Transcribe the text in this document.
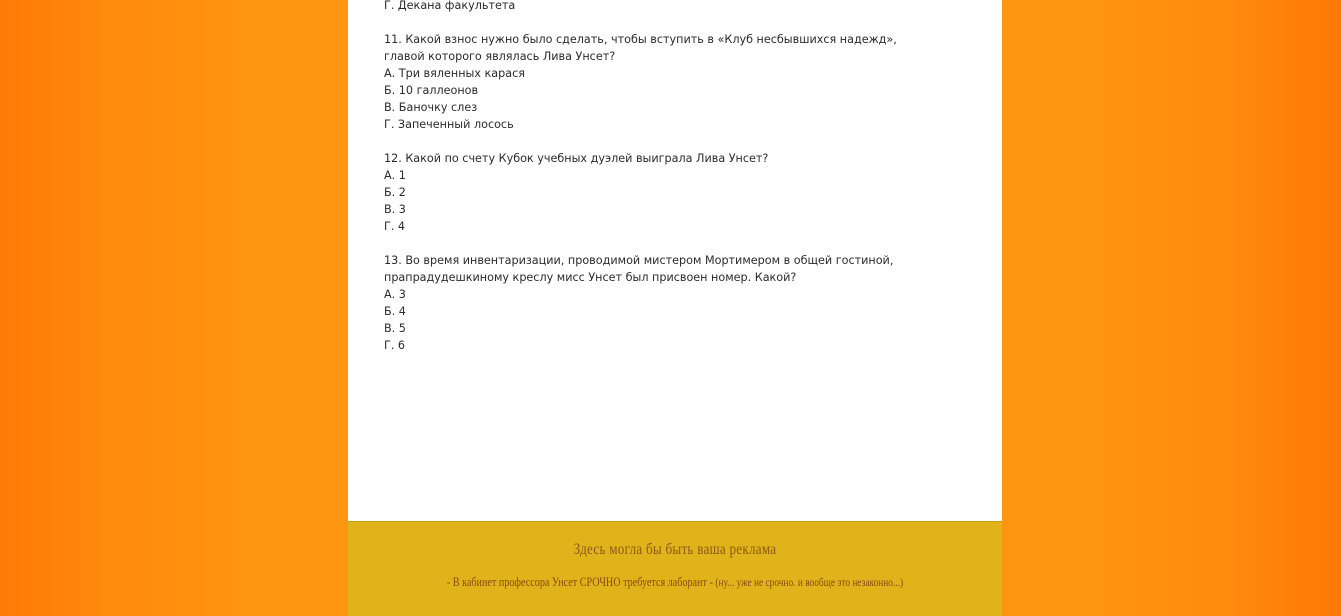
Г. Декана факультета
11. Какой взнос нужно было сделать, чтобы вступить в «Клуб несбывшихся надежд», главой которого являлась Лива Унсет?
А. Три вяленных карася
Б. 10 галлеонов
В. Баночку слез
Г. Запеченный лосось
12. Какой по счету Кубок учебных дуэлей выиграла Лива Унсет?
А. 1
Б. 2
В. 3
Г. 4
13. Во время инвентаризации, проводимой мистером Мортимером в общей гостиной, прапрадудешкиному креслу мисс Унсет был присвоен номер. Какой?
А. 3
Б. 4
В. 5
Г. 6
Здесь могла бы быть ваша реклама
- В кабинет профессора Унсет СРОЧНО требуется лаборант - (ну... уже не срочно. и вообще это незаконно...)
